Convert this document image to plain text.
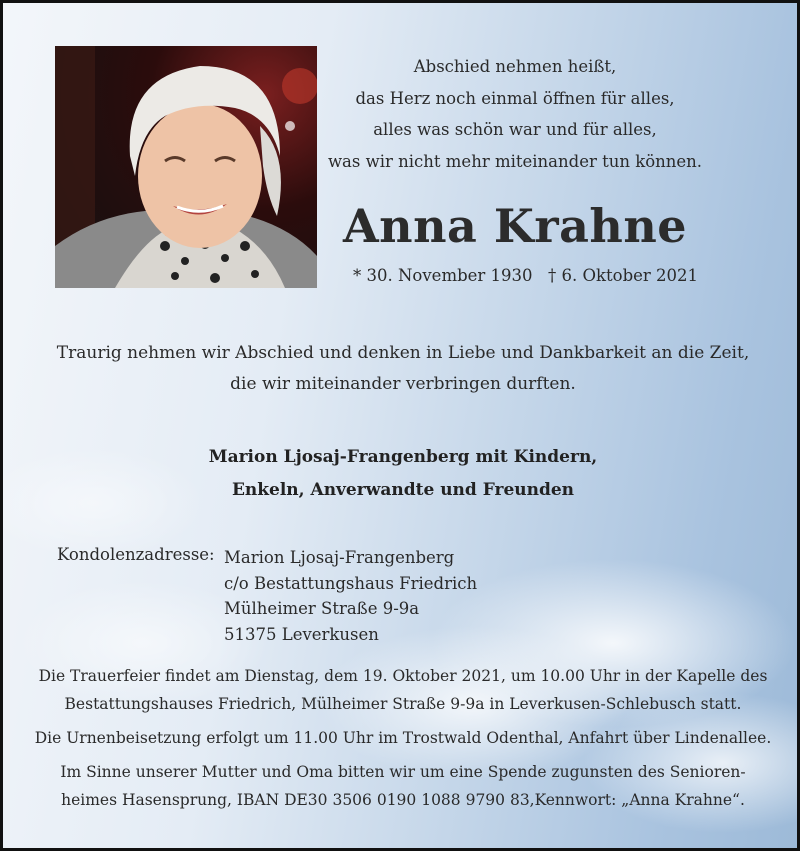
Abschied nehmen heißt,
das Herz noch einmal öffnen für alles,
alles was schön war und für alles,
was wir nicht mehr miteinander tun können.
Anna Krahne
* 30. November 1930 † 6. Oktober 2021
Traurig nehmen wir Abschied und denken in Liebe und Dankbarkeit an die Zeit,
die wir miteinander verbringen durften.
Marion Ljosaj-Frangenberg mit Kindern,
Enkeln, Anverwandte und Freunden
Kondolenzadresse: Marion Ljosaj-Frangenberg
c/o Bestattungshaus Friedrich
Mülheimer Straße 9-9a
51375 Leverkusen

Die Trauerfeier findet am Dienstag, dem 19. Oktober 2021, um 10.00 Uhr in der Kapelle des
Bestattungshauses Friedrich, Mülheimer Straße 9-9a in Leverkusen-Schlebusch statt.

Die Urnenbeisetzung erfolgt um 11.00 Uhr im Trostwald Odenthal, Anfahrt über Lindenallee.

Im Sinne unserer Mutter und Oma bitten wir um eine Spende zugunsten des Senioren-
heimes Hasensprung, IBAN DE30 3506 0190 1088 9790 83,Kennwort: „Anna Krahne“.
